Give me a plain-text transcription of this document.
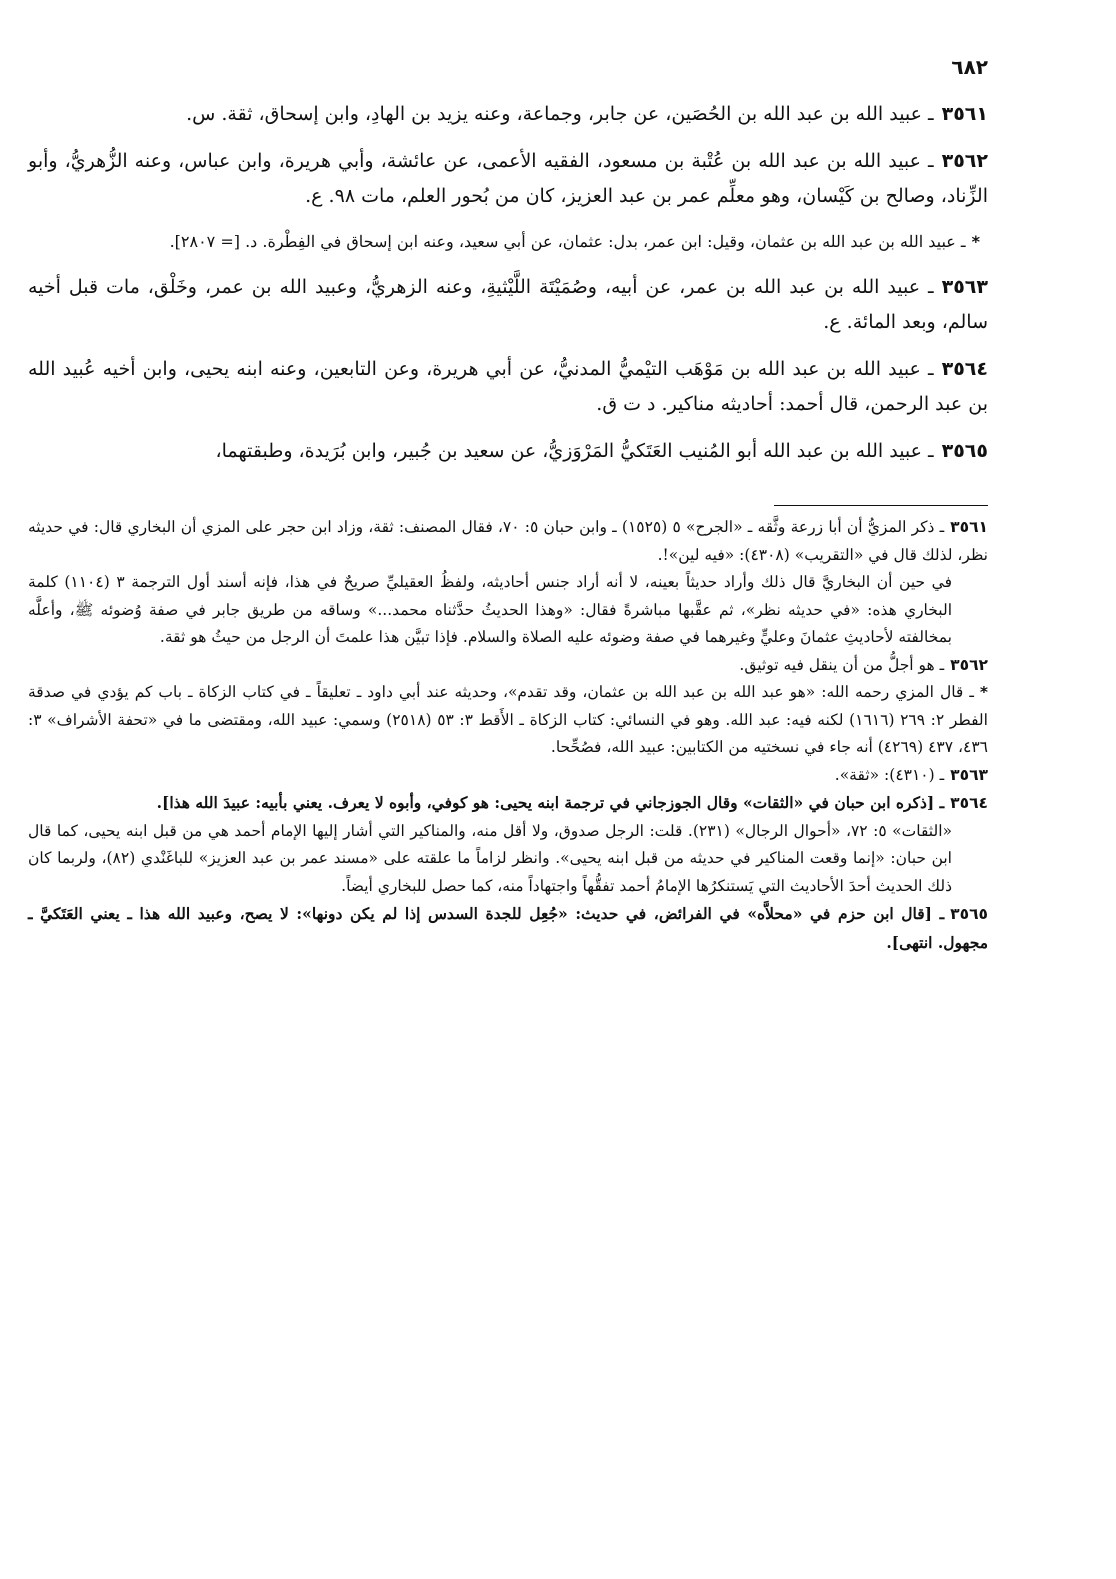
٦٨٢

٣٥٦١ـ عبيد الله بن عبد الله بن الحُصَين، عن جابر، وجماعة، وعنه يزيد بن الهادِ، وابن إسحاق، ثقة. س.

٣٥٦٢ـ عبيد الله بن عبد الله بن عُتْبة بن مسعود، الفقيه الأعمى، عن عائشة، وأبي هريرة، وابن عباس، وعنه الزُّهريُّ، وأبو الزِّناد، وصالح بن كَيْسان، وهو معلِّم عمر بن عبد العزيز، كان من بُحور العلم، مات ٩٨. ع.

*ـ عبيد الله بن عبد الله بن عثمان، وقيل: ابن عمر، بدل: عثمان، عن أبي سعيد، وعنه ابن إسحاق في الفِطْرة. د. [= ٢٨٠٧].

٣٥٦٣ـ عبيد الله بن عبد الله بن عمر، عن أبيه، وصُمَيْتَة اللَّيْثيةِ، وعنه الزهريُّ، وعبيد الله بن عمر، وخَلْق، مات قبل أخيه سالم، وبعد المائة. ع.

٣٥٦٤ـ عبيد الله بن عبد الله بن مَوْهَب التيْميُّ المدنيُّ، عن أبي هريرة، وعن التابعين، وعنه ابنه يحيى، وابن أخيه عُبيد الله بن عبد الرحمن، قال أحمد: أحاديثه مناكير. د ت ق.

٣٥٦٥ـ عبيد الله بن عبد الله أبو المُنيب العَتَكيُّ المَرْوَزيُّ، عن سعيد بن جُبير، وابن بُرَيدة، وطبقتهما،

٣٥٦١ـ ذكر المزيُّ أن أبا زرعة وثَّقه ـ «الجرح» ٥ (١٥٢٥) ـ وابن حبان ٥: ٧٠، فقال المصنف: ثقة، وزاد ابن حجر على المزي أن البخاري قال: في حديثه نظر، لذلك قال في «التقريب» (٤٣٠٨): «فيه لين»!.

في حين أن البخاريَّ قال ذلك وأراد حديثاً بعينه، لا أنه أراد جنس أحاديثه، ولفظُ العقيليِّ صريحٌ في هذا، فإنه أسند أول الترجمة ٣ (١١٠٤) كلمة البخاري هذه: «في حديثه نظر»، ثم عقَّبها مباشرةً فقال: «وهذا الحديثُ حدَّثناه محمد...» وساقه من طريق جابر في صفة وُضوئه ﷺ، وأعلَّه بمخالفته لأحاديثِ عثمانَ وعليٍّ وغيرهما في صفة وضوئه عليه الصلاة والسلام. فإذا تبيَّن هذا علمتَ أن الرجل من حيثُ هو ثقة.

٣٥٦٢ـ هو أجلُّ من أن ينقل فيه توثيق.

*ـ قال المزي رحمه الله: «هو عبد الله بن عبد الله بن عثمان، وقد تقدم»، وحديثه عند أبي داود ـ تعليقاً ـ في كتاب الزكاة ـ باب كم يؤدي في صدقة الفطر ٢: ٢٦٩ (١٦١٦) لكنه فيه: عبد الله. وهو في النسائي: كتاب الزكاة ـ الأَقط ٣: ٥٣ (٢٥١٨) وسمي: عبيد الله، ومقتضى ما في «تحفة الأشراف» ٣: ٤٣٦، ٤٣٧ (٤٢٦٩) أنه جاء في نسختيه من الكتابين: عبيد الله، فصُحِّحا.

٣٥٦٣ـ (٤٣١٠): «ثقة».

٣٥٦٤ـ [ذكره ابن حبان في «الثقات» وقال الجوزجاني في ترجمة ابنه يحيى: هو كوفي، وأبوه لا يعرف. يعني بأبيه: عبيدَ الله هذا].

«الثقات» ٥: ٧٢، «أحوال الرجال» (٢٣١). قلت: الرجل صدوق، ولا أقل منه، والمناكير التي أشار إليها الإمام أحمد هي من قبل ابنه يحيى، كما قال ابن حبان: «إنما وقعت المناكير في حديثه من قبل ابنه يحيى». وانظر لزاماً ما علقته على «مسند عمر بن عبد العزيز» للباغَنْدي (٨٢)، ولربما كان ذلك الحديث أحدَ الأحاديث التي يَستنكرُها الإمامُ أحمد تفقُّهاً واجتهاداً منه، كما حصل للبخاري أيضاً.

٣٥٦٥ـ [قال ابن حزم في «محلاَّه» في الفرائض، في حديث: «جُعِل للجدة السدس إذا لم يكن دونها»: لا يصح، وعبيد الله هذا ـ يعني العَتَكيَّ ـ مجهول. انتهى].
